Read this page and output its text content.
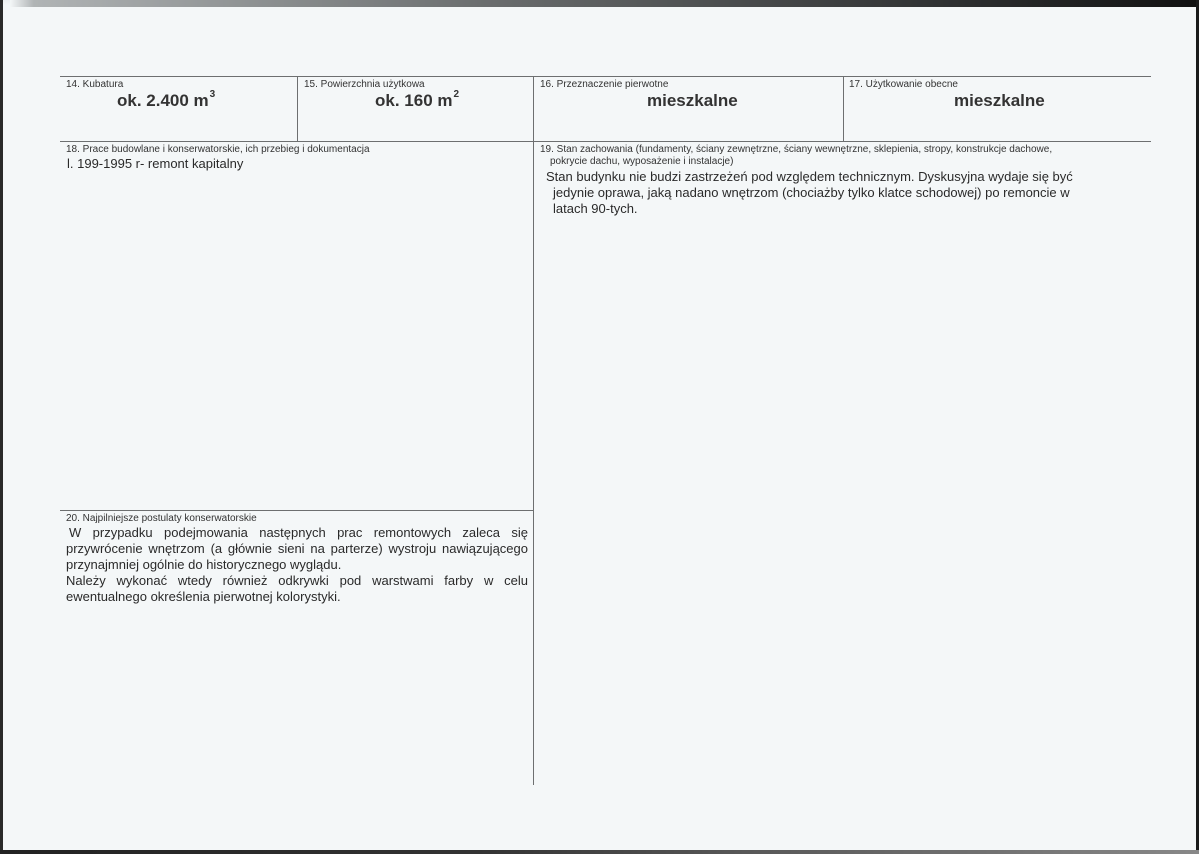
14. Kubatura
ok. 2.400 $m^3$
15. Powierzchnia użytkowa
ok. 160 $m^2$
16. Przeznaczenie pierwotne
mieszkalne
17. Użytkowanie obecne
mieszkalne
18. Prace budowlane i konserwatorskie, ich przebieg i dokumentacja
l. 199-1995 r- remont kapitalny
19. Stan zachowania (fundamenty, ściany zewnętrzne, ściany wewnętrzne, sklepienia, stropy, konstrukcje dachowe,
pokrycie dachu, wyposażenie i instalacje)
Stan budynku nie budzi zastrzeżeń pod względem technicznym. Dyskusyjna wydaje się być
jedynie oprawa, jaką nadano wnętrzom (chociażby tylko klatce schodowej) po remoncie w
latach 90-tych.
20. Najpilniejsze postulaty konserwatorskie
W przypadku podejmowania następnych prac remontowych zaleca się przywrócenie wnętrzom (a głównie sieni na parterze) wystroju nawiązującego przynajmniej ogólnie do historycznego wyglądu.
Należy wykonać wtedy również odkrywki pod warstwami farby w celu ewentualnego określenia pierwotnej kolorystyki.
